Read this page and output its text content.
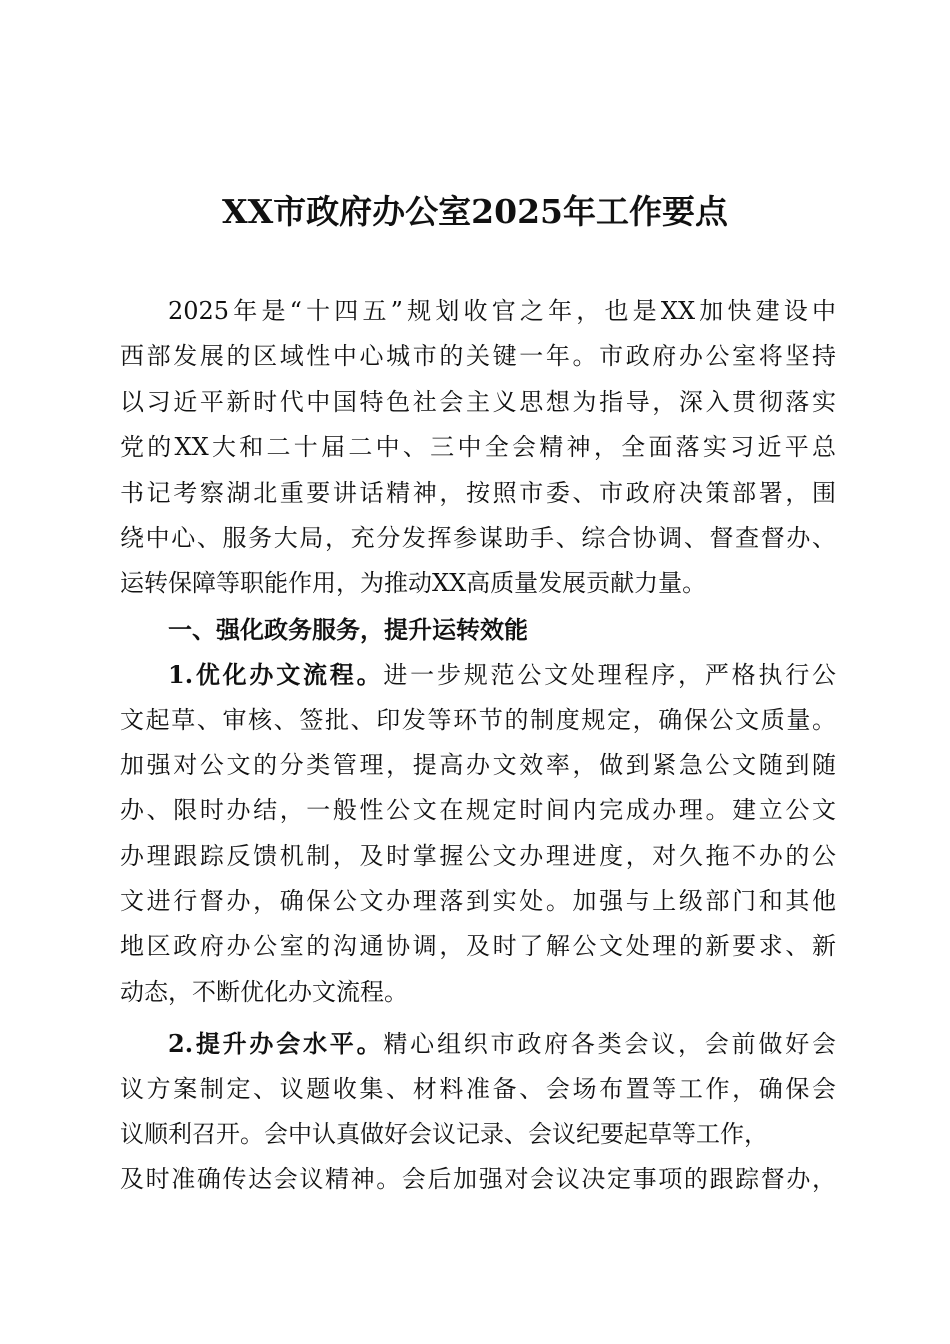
XX市政府办公室2025年工作要点
2025年是“十四五”规划收官之年，也是XX加快建设中
西部发展的区域性中心城市的关键一年。市政府办公室将坚持
以习近平新时代中国特色社会主义思想为指导，深入贯彻落实
党的XX大和二十届二中、三中全会精神，全面落实习近平总
书记考察湖北重要讲话精神，按照市委、市政府决策部署，围
绕中心、服务大局，充分发挥参谋助手、综合协调、督查督办、
运转保障等职能作用，为推动XX高质量发展贡献力量。
一、强化政务服务，提升运转效能
1.优化办文流程。进一步规范公文处理程序，严格执行公
文起草、审核、签批、印发等环节的制度规定，确保公文质量。
加强对公文的分类管理，提高办文效率，做到紧急公文随到随
办、限时办结，一般性公文在规定时间内完成办理。建立公文
办理跟踪反馈机制，及时掌握公文办理进度，对久拖不办的公
文进行督办，确保公文办理落到实处。加强与上级部门和其他
地区政府办公室的沟通协调，及时了解公文处理的新要求、新
动态，不断优化办文流程。
2.提升办会水平。精心组织市政府各类会议，会前做好会
议方案制定、议题收集、材料准备、会场布置等工作，确保会
议顺利召开。会中认真做好会议记录、会议纪要起草等工作，
及时准确传达会议精神。会后加强对会议决定事项的跟踪督办，
